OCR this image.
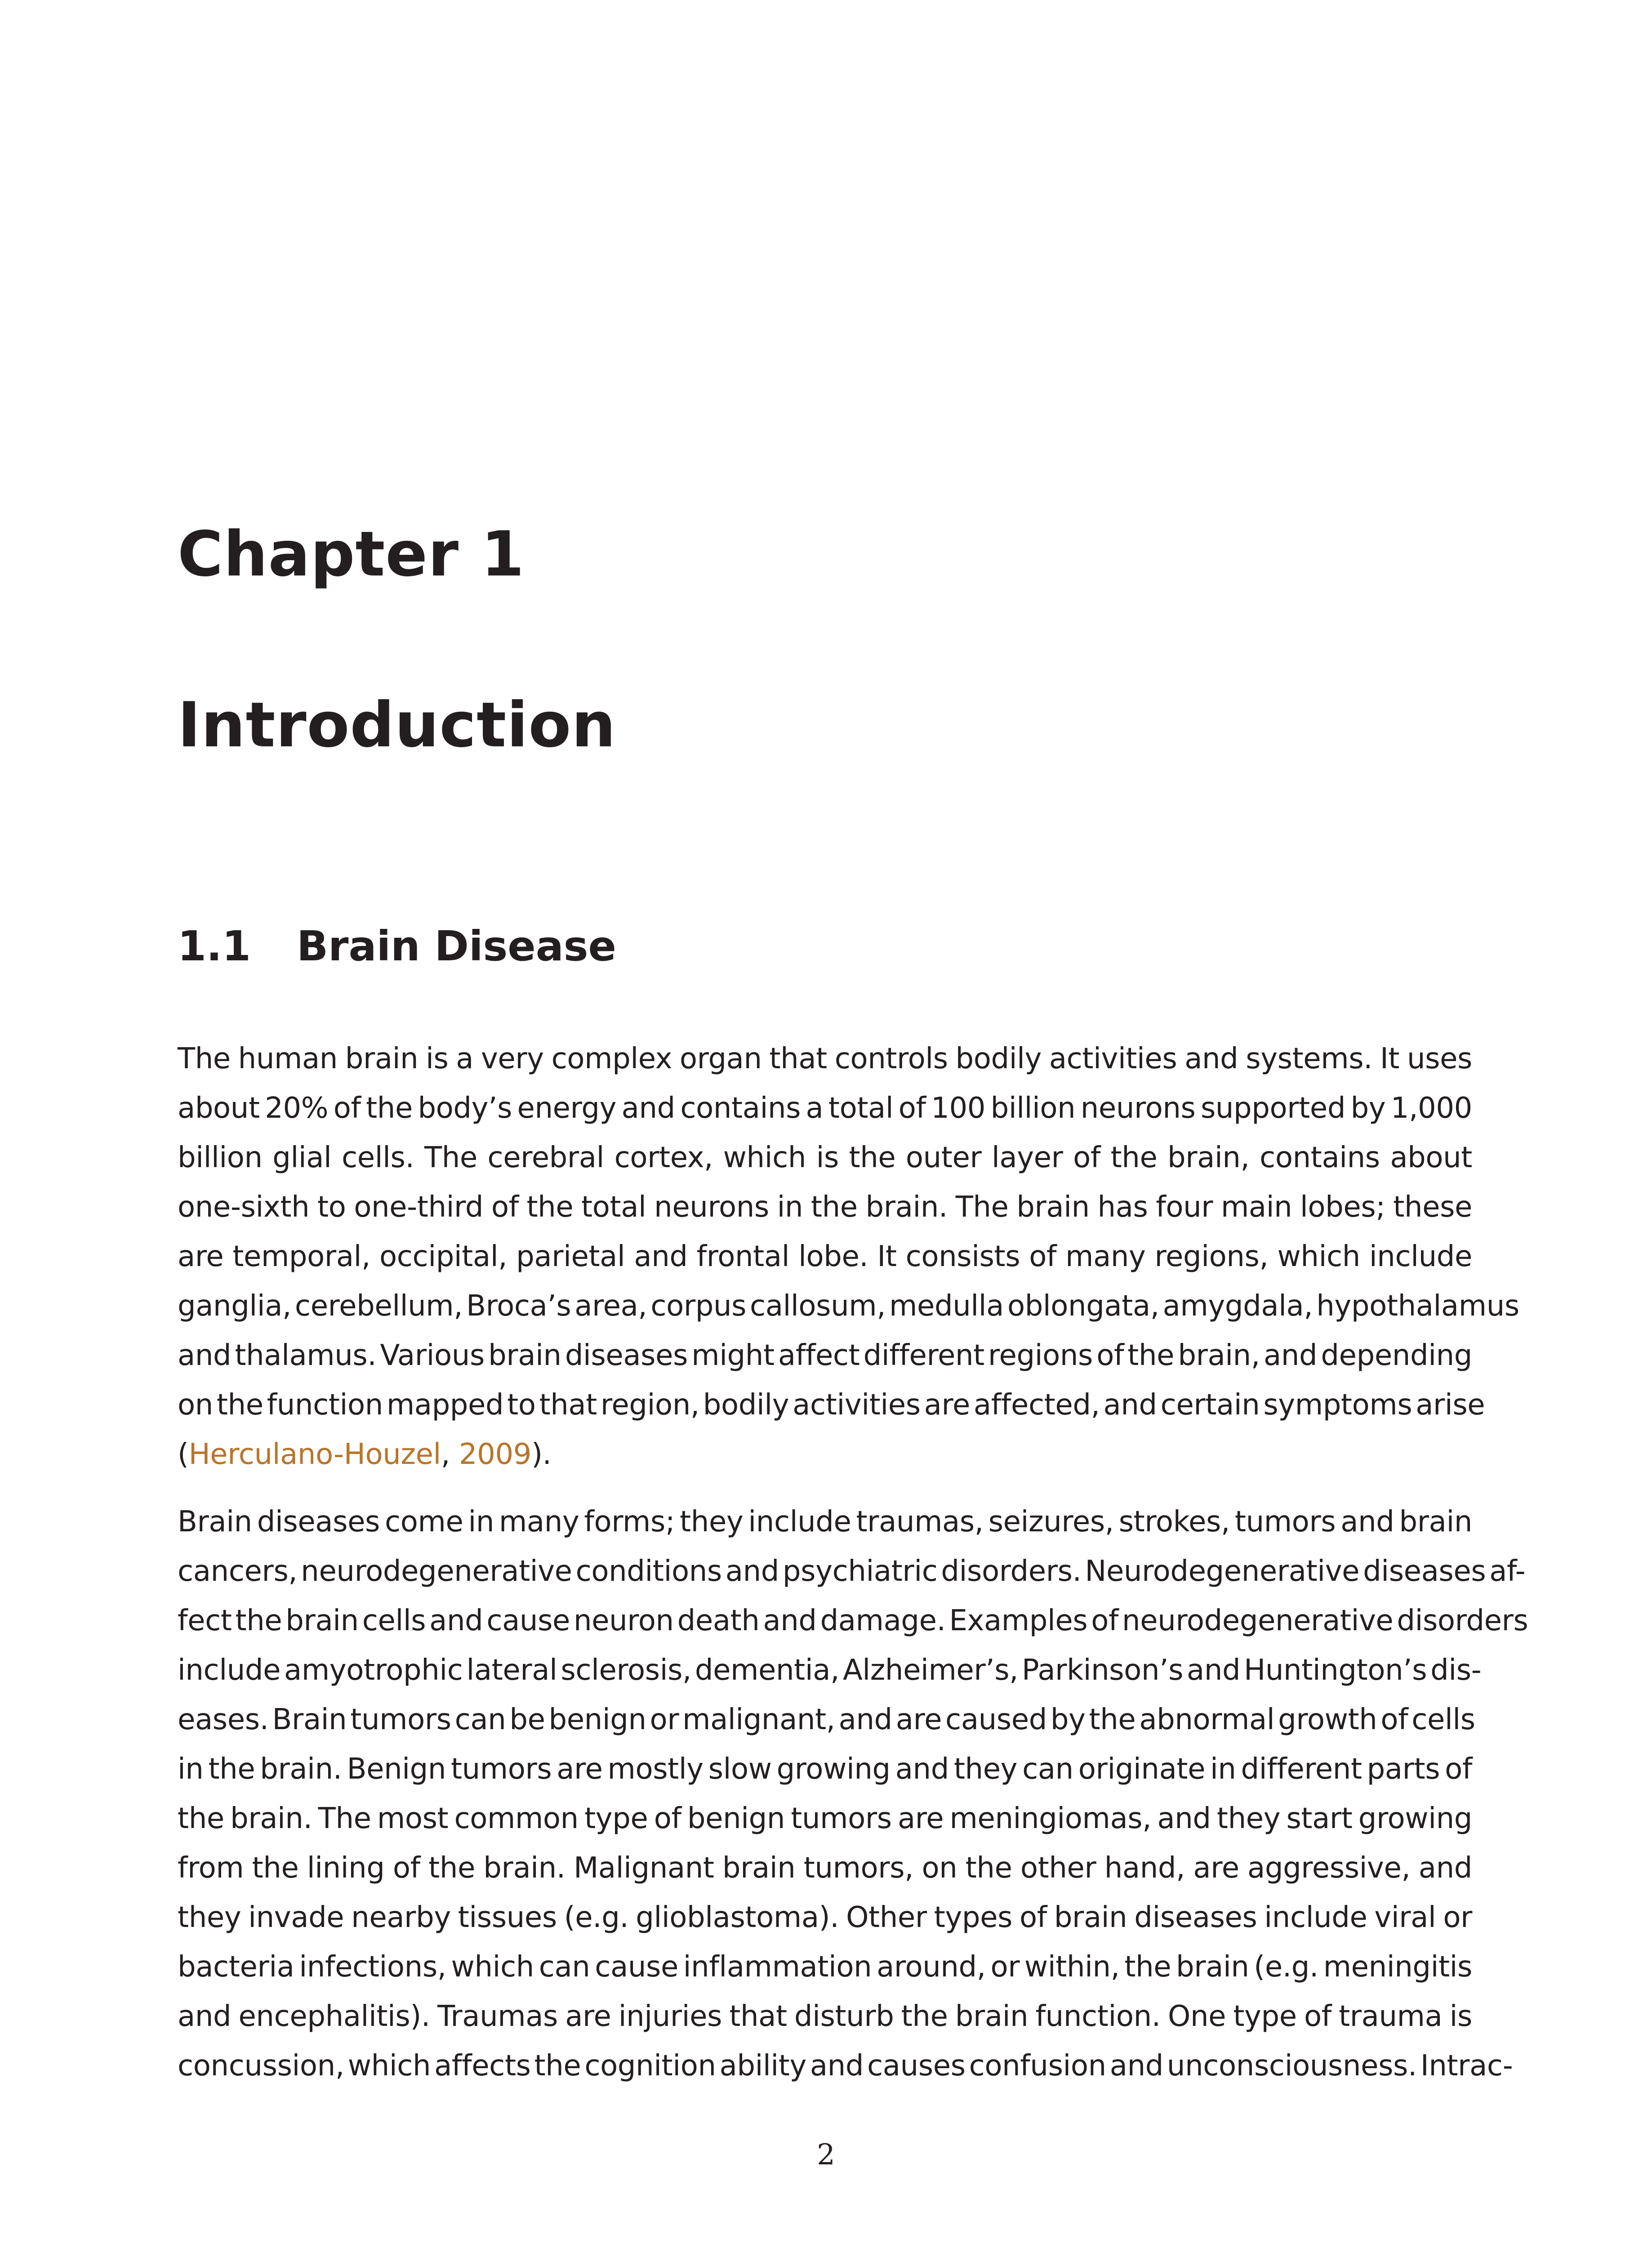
Chapter 1
Introduction
1.1 Brain Disease

The human brain is a very complex organ that controls bodily activities and systems. It uses
about 20% of the body’s energy and contains a total of 100 billion neurons supported by 1,000
billion glial cells. The cerebral cortex, which is the outer layer of the brain, contains about
one-sixth to one-third of the total neurons in the brain. The brain has four main lobes; these
are temporal, occipital, parietal and frontal lobe. It consists of many regions, which include
ganglia, cerebellum, Broca’s area, corpus callosum, medulla oblongata, amygdala, hypothalamus
and thalamus. Various brain diseases might affect different regions of the brain, and depending
on the function mapped to that region, bodily activities are affected, and certain symptoms arise
(Herculano-Houzel, 2009).

Brain diseases come in many forms; they include traumas, seizures, strokes, tumors and brain
cancers, neurodegenerative conditions and psychiatric disorders. Neurodegenerative diseases af-
fect the brain cells and cause neuron death and damage. Examples of neurodegenerative disorders
include amyotrophic lateral sclerosis, dementia, Alzheimer’s, Parkinson’s and Huntington’s dis-
eases. Brain tumors can be benign or malignant, and are caused by the abnormal growth of cells
in the brain. Benign tumors are mostly slow growing and they can originate in different parts of
the brain. The most common type of benign tumors are meningiomas, and they start growing
from the lining of the brain. Malignant brain tumors, on the other hand, are aggressive, and
they invade nearby tissues (e.g. glioblastoma). Other types of brain diseases include viral or
bacteria infections, which can cause inflammation around, or within, the brain (e.g. meningitis
and encephalitis). Traumas are injuries that disturb the brain function. One type of trauma is
concussion, which affects the cognition ability and causes confusion and unconsciousness. Intrac-

2
